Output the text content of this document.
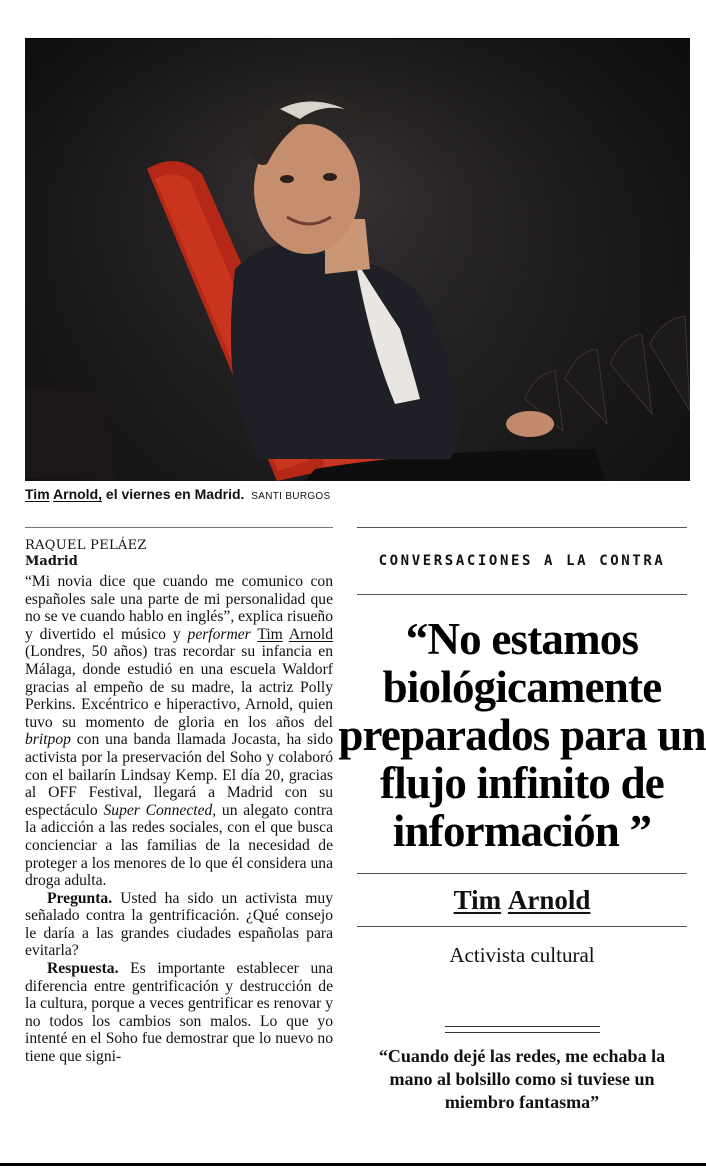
Tim Arnold, el viernes en Madrid. SANTI BURGOS
RAQUEL PELÁEZ
Madrid

“Mi novia dice que cuando me comunico con españoles sale una parte de mi personalidad que no se ve cuando hablo en inglés”, explica risueño y divertido el músico y performer Tim Arnold (Londres, 50 años) tras recordar su infancia en Málaga, donde estudió en una escuela Waldorf gracias al empeño de su madre, la actriz Polly Perkins. Excéntrico e hiperactivo, Arnold, quien tuvo su momento de gloria en los años del britpop con una banda llamada Jocasta, ha sido activista por la preservación del Soho y colaboró con el bailarín Lindsay Kemp. El día 20, gracias al OFF Festival, llegará a Madrid con su espectáculo Super Connected, un alegato contra la adicción a las redes sociales, con el que busca concienciar a las familias de la necesidad de proteger a los menores de lo que él considera una droga adulta.

Pregunta. Usted ha sido un activista muy señalado contra la gentrificación. ¿Qué consejo le daría a las grandes ciudades españolas para evitarla?

Respuesta. Es importante establecer una diferencia entre gentrificación y destrucción de la cultura, porque a veces gentrificar es renovar y no todos los cambios son malos. Lo que yo intenté en el Soho fue demostrar que lo nuevo no tiene que signi-

CONVERSACIONES A LA CONTRA
“No estamos biológicamente preparados para un flujo infinito de información ”
Tim
Arnold
Activista cultural
“Cuando dejé las redes, me echaba la mano al bolsillo como si tuviese un miembro fantasma”
